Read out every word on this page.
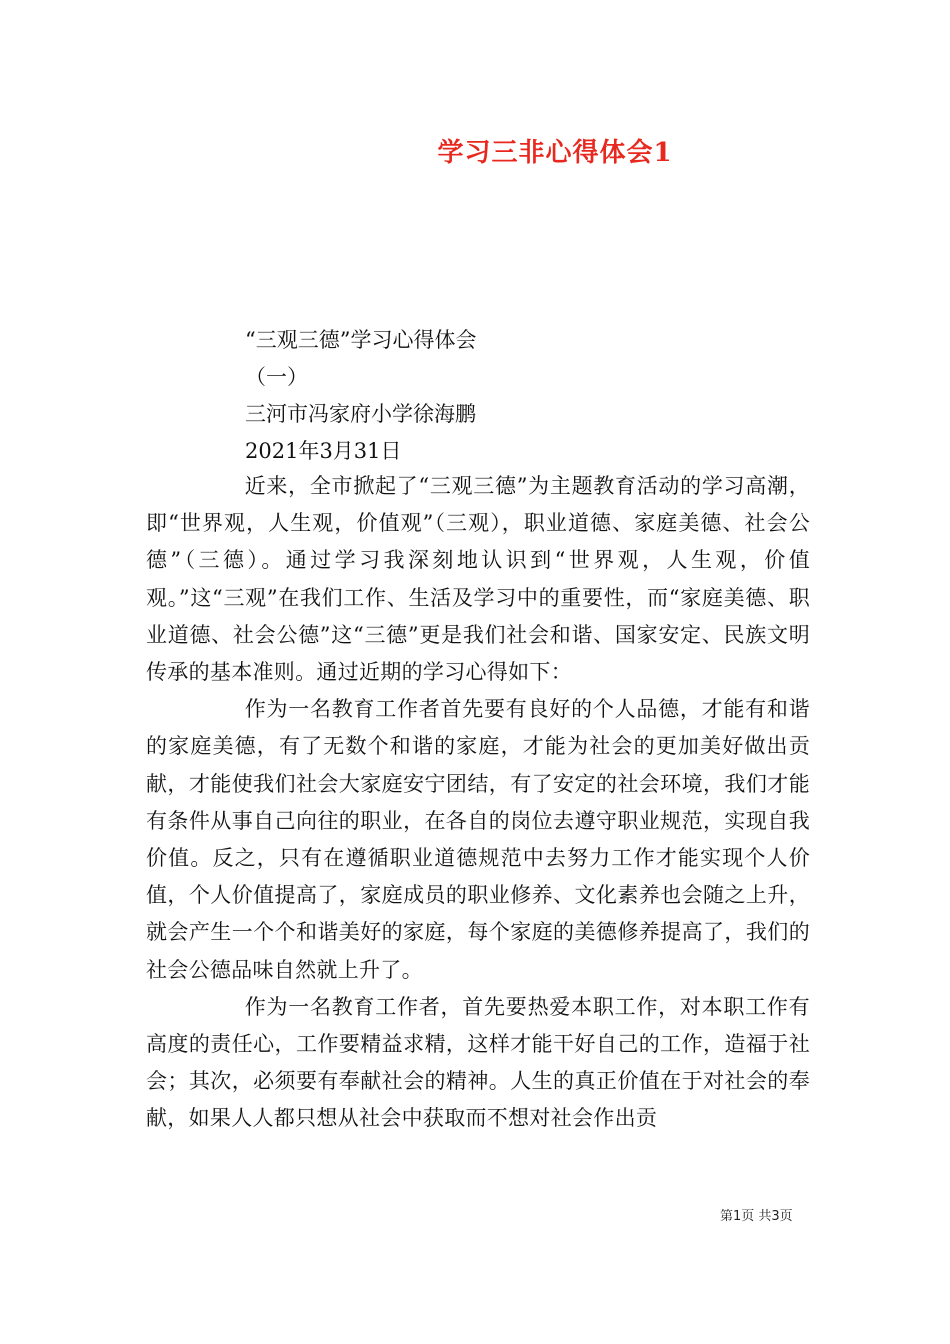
学习三非心得体会1
“三观三德”学习心得体会
（一）
三河市冯家府小学徐海鹏
2021年3月31日

近来，全市掀起了“三观三德”为主题教育活动的学习高潮，即“世界观，人生观，价值观”（三观），职业道德、家庭美德、社会公德”（三德）。通过学习我深刻地认识到“世界观，人生观，价值观。”这“三观”在我们工作、生活及学习中的重要性，而“家庭美德、职业道德、社会公德”这“三德”更是我们社会和谐、国家安定、民族文明传承的基本准则。通过近期的学习心得如下：

作为一名教育工作者首先要有良好的个人品德，才能有和谐的家庭美德，有了无数个和谐的家庭，才能为社会的更加美好做出贡献，才能使我们社会大家庭安宁团结，有了安定的社会环境，我们才能有条件从事自己向往的职业，在各自的岗位去遵守职业规范，实现自我价值。反之，只有在遵循职业道德规范中去努力工作才能实现个人价值，个人价值提高了，家庭成员的职业修养、文化素养也会随之上升，就会产生一个个和谐美好的家庭，每个家庭的美德修养提高了，我们的社会公德品味自然就上升了。

作为一名教育工作者，首先要热爱本职工作，对本职工作有高度的责任心，工作要精益求精，这样才能干好自己的工作，造福于社会；其次，必须要有奉献社会的精神。人生的真正价值在于对社会的奉献，如果人人都只想从社会中获取而不想对社会作出贡

第1页 共3页
